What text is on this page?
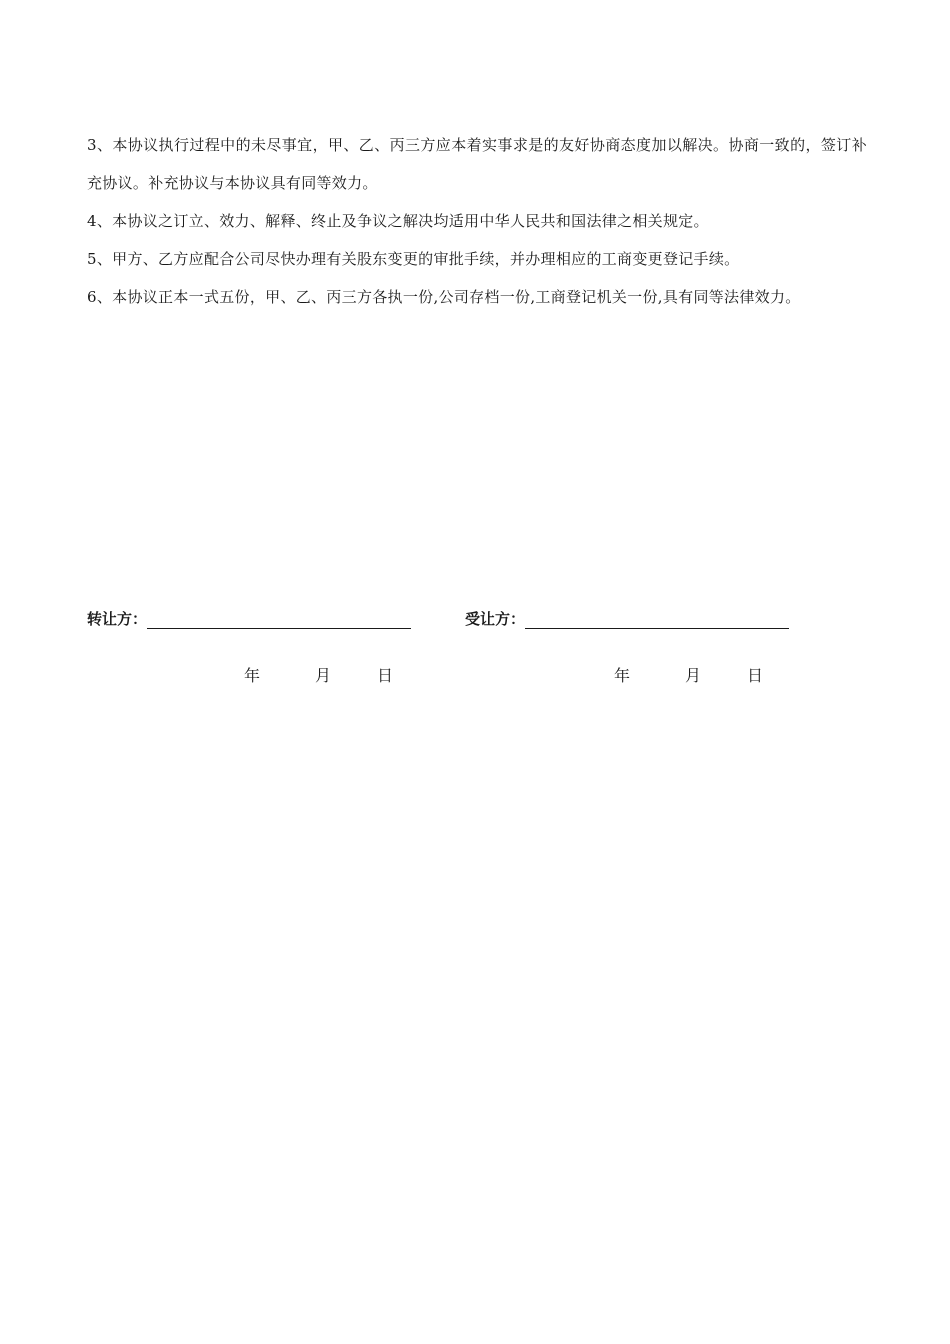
3、本协议执行过程中的未尽事宜，甲、乙、丙三方应本着实事求是的友好协商态度加以解决。协商一致的，签订补充协议。补充协议与本协议具有同等效力。

4、本协议之订立、效力、解释、终止及争议之解决均适用中华人民共和国法律之相关规定。

5、甲方、乙方应配合公司尽快办理有关股东变更的审批手续，并办理相应的工商变更登记手续。

6、本协议正本一式五份，甲、乙、丙三方各执一份,公司存档一份,工商登记机关一份,具有同等法律效力。

转让方：	受让方：
年	月	日	年	月	日
